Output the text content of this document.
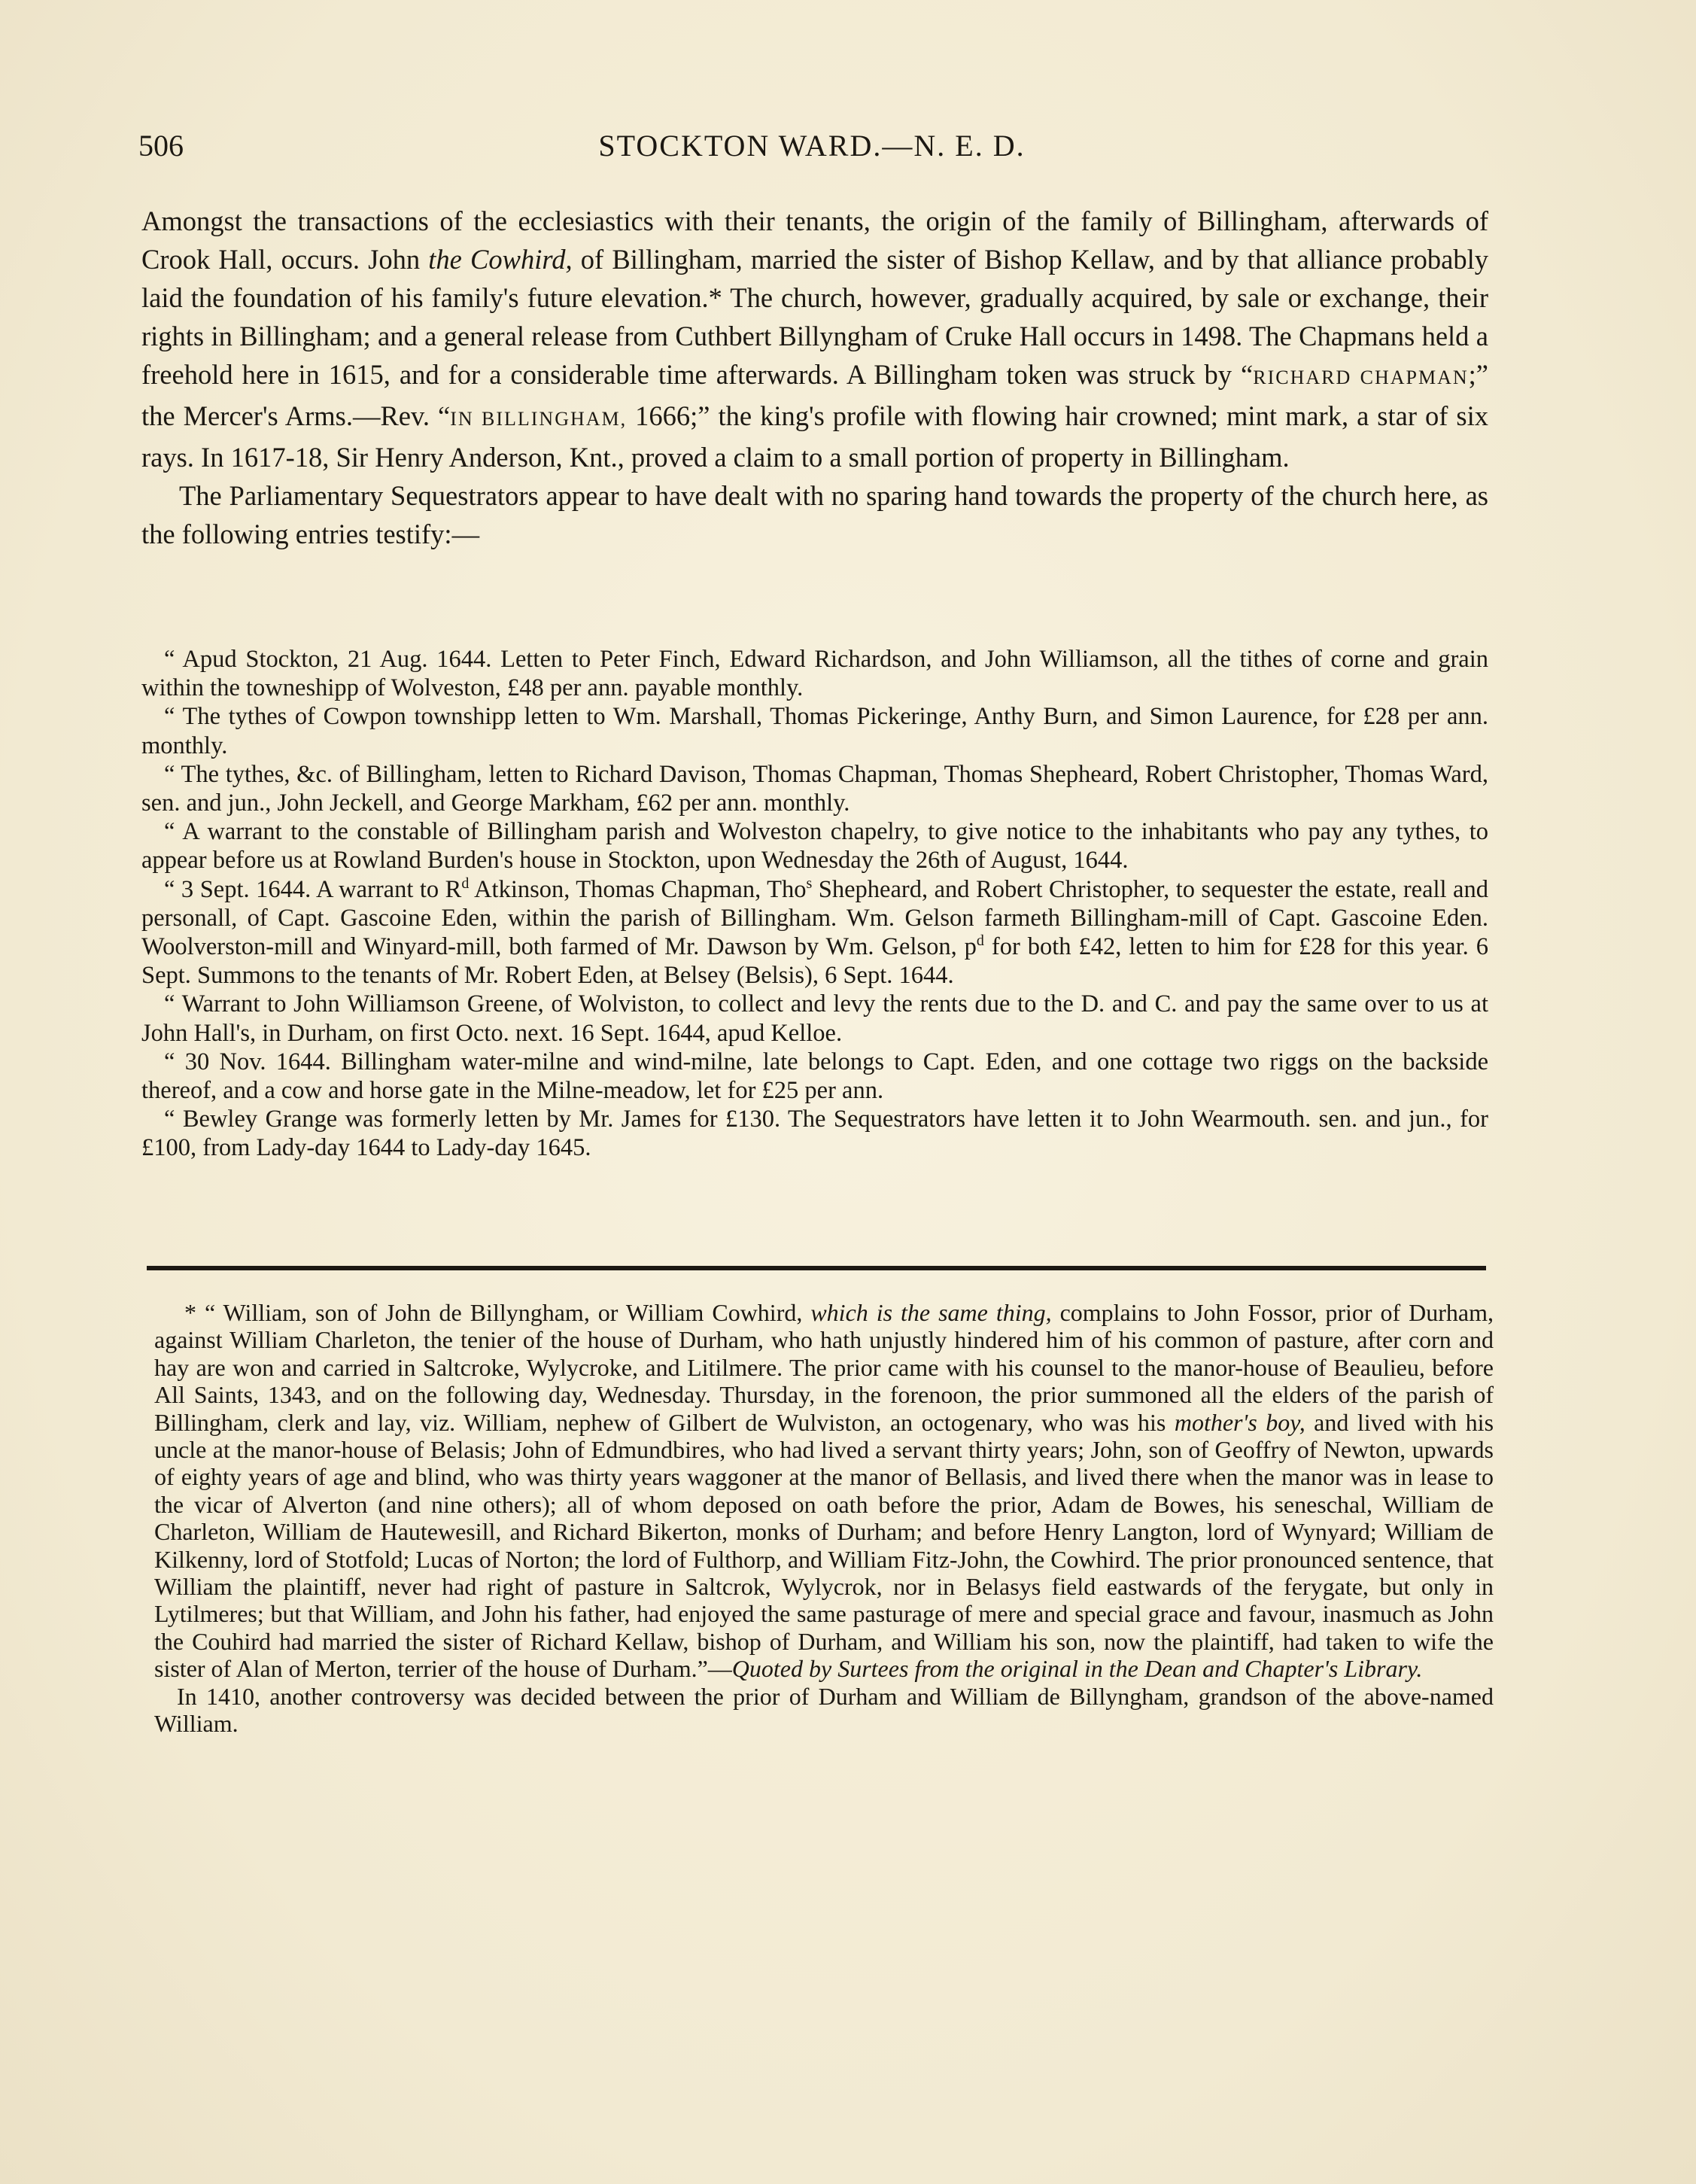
506	STOCKTON WARD.—N. E. D.

Amongst the transactions of the ecclesiastics with their tenants, the origin of the family of Billingham, afterwards of Crook Hall, occurs. John the Cowhird, of Billingham, married the sister of Bishop Kellaw, and by that alliance probably laid the foundation of his family's future elevation.* The church, however, gradually acquired, by sale or exchange, their rights in Billingham; and a general release from Cuthbert Billyngham of Cruke Hall occurs in 1498. The Chapmans held a freehold here in 1615, and for a considerable time afterwards. A Billingham token was struck by “RICHARD CHAPMAN;” the Mercer's Arms.—Rev. “IN BILLINGHAM, 1666;” the king's profile with flowing hair crowned; mint mark, a star of six rays. In 1617-18, Sir Henry Anderson, Knt., proved a claim to a small portion of property in Billingham.

The Parliamentary Sequestrators appear to have dealt with no sparing hand towards the property of the church here, as the following entries testify:—

“ Apud Stockton, 21 Aug. 1644. Letten to Peter Finch, Edward Richardson, and John Williamson, all the tithes of corne and grain within the towneshipp of Wolveston, £48 per ann. payable monthly.

“ The tythes of Cowpon townshipp letten to Wm. Marshall, Thomas Pickeringe, Anthy Burn, and Simon Laurence, for £28 per ann. monthly.

“ The tythes, &c. of Billingham, letten to Richard Davison, Thomas Chapman, Thomas Shepheard, Robert Christopher, Thomas Ward, sen. and jun., John Jeckell, and George Markham, £62 per ann. monthly.

“ A warrant to the constable of Billingham parish and Wolveston chapelry, to give notice to the inhabitants who pay any tythes, to appear before us at Rowland Burden's house in Stockton, upon Wednesday the 26th of August, 1644.

“ 3 Sept. 1644. A warrant to $R^d$ Atkinson, Thomas Chapman, Tho$^s$ Shepheard, and Robert Christopher, to sequester the estate, reall and personall, of Capt. Gascoine Eden, within the parish of Billingham. Wm. Gelson farmeth Billingham-mill of Capt. Gascoine Eden. Woolverston-mill and Winyard-mill, both farmed of Mr. Dawson by Wm. Gelson, $p^d$ for both £42, letten to him for £28 for this year. 6 Sept. Summons to the tenants of Mr. Robert Eden, at Belsey (Belsis), 6 Sept. 1644.

“ Warrant to John Williamson Greene, of Wolviston, to collect and levy the rents due to the D. and C. and pay the same over to us at John Hall's, in Durham, on first Octo. next. 16 Sept. 1644, apud Kelloe.

“ 30 Nov. 1644. Billingham water-milne and wind-milne, late belongs to Capt. Eden, and one cottage two riggs on the backside thereof, and a cow and horse gate in the Milne-meadow, let for £25 per ann.

“ Bewley Grange was formerly letten by Mr. James for £130. The Sequestrators have letten it to John Wearmouth. sen. and jun., for £100, from Lady-day 1644 to Lady-day 1645.

* “ William, son of John de Billyngham, or William Cowhird, which is the same thing, complains to John Fossor, prior of Durham, against William Charleton, the tenier of the house of Durham, who hath unjustly hindered him of his common of pasture, after corn and hay are won and carried in Saltcroke, Wylycroke, and Litilmere. The prior came with his counsel to the manor-house of Beaulieu, before All Saints, 1343, and on the following day, Wednesday. Thursday, in the forenoon, the prior summoned all the elders of the parish of Billingham, clerk and lay, viz. William, nephew of Gilbert de Wulviston, an octogenary, who was his mother's boy, and lived with his uncle at the manor-house of Belasis; John of Edmundbires, who had lived a servant thirty years; John, son of Geoffry of Newton, upwards of eighty years of age and blind, who was thirty years waggoner at the manor of Bellasis, and lived there when the manor was in lease to the vicar of Alverton (and nine others); all of whom deposed on oath before the prior, Adam de Bowes, his seneschal, William de Charleton, William de Hautewesill, and Richard Bikerton, monks of Durham; and before Henry Langton, lord of Wynyard; William de Kilkenny, lord of Stotfold; Lucas of Norton; the lord of Fulthorp, and William Fitz-John, the Cowhird. The prior pronounced sentence, that William the plaintiff, never had right of pasture in Saltcrok, Wylycrok, nor in Belasys field eastwards of the ferygate, but only in Lytilmeres; but that William, and John his father, had enjoyed the same pasturage of mere and special grace and favour, inasmuch as John the Couhird had married the sister of Richard Kellaw, bishop of Durham, and William his son, now the plaintiff, had taken to wife the sister of Alan of Merton, terrier of the house of Durham.”—Quoted by Surtees from the original in the Dean and Chapter's Library.

In 1410, another controversy was decided between the prior of Durham and William de Billyngham, grandson of the above-named William.
